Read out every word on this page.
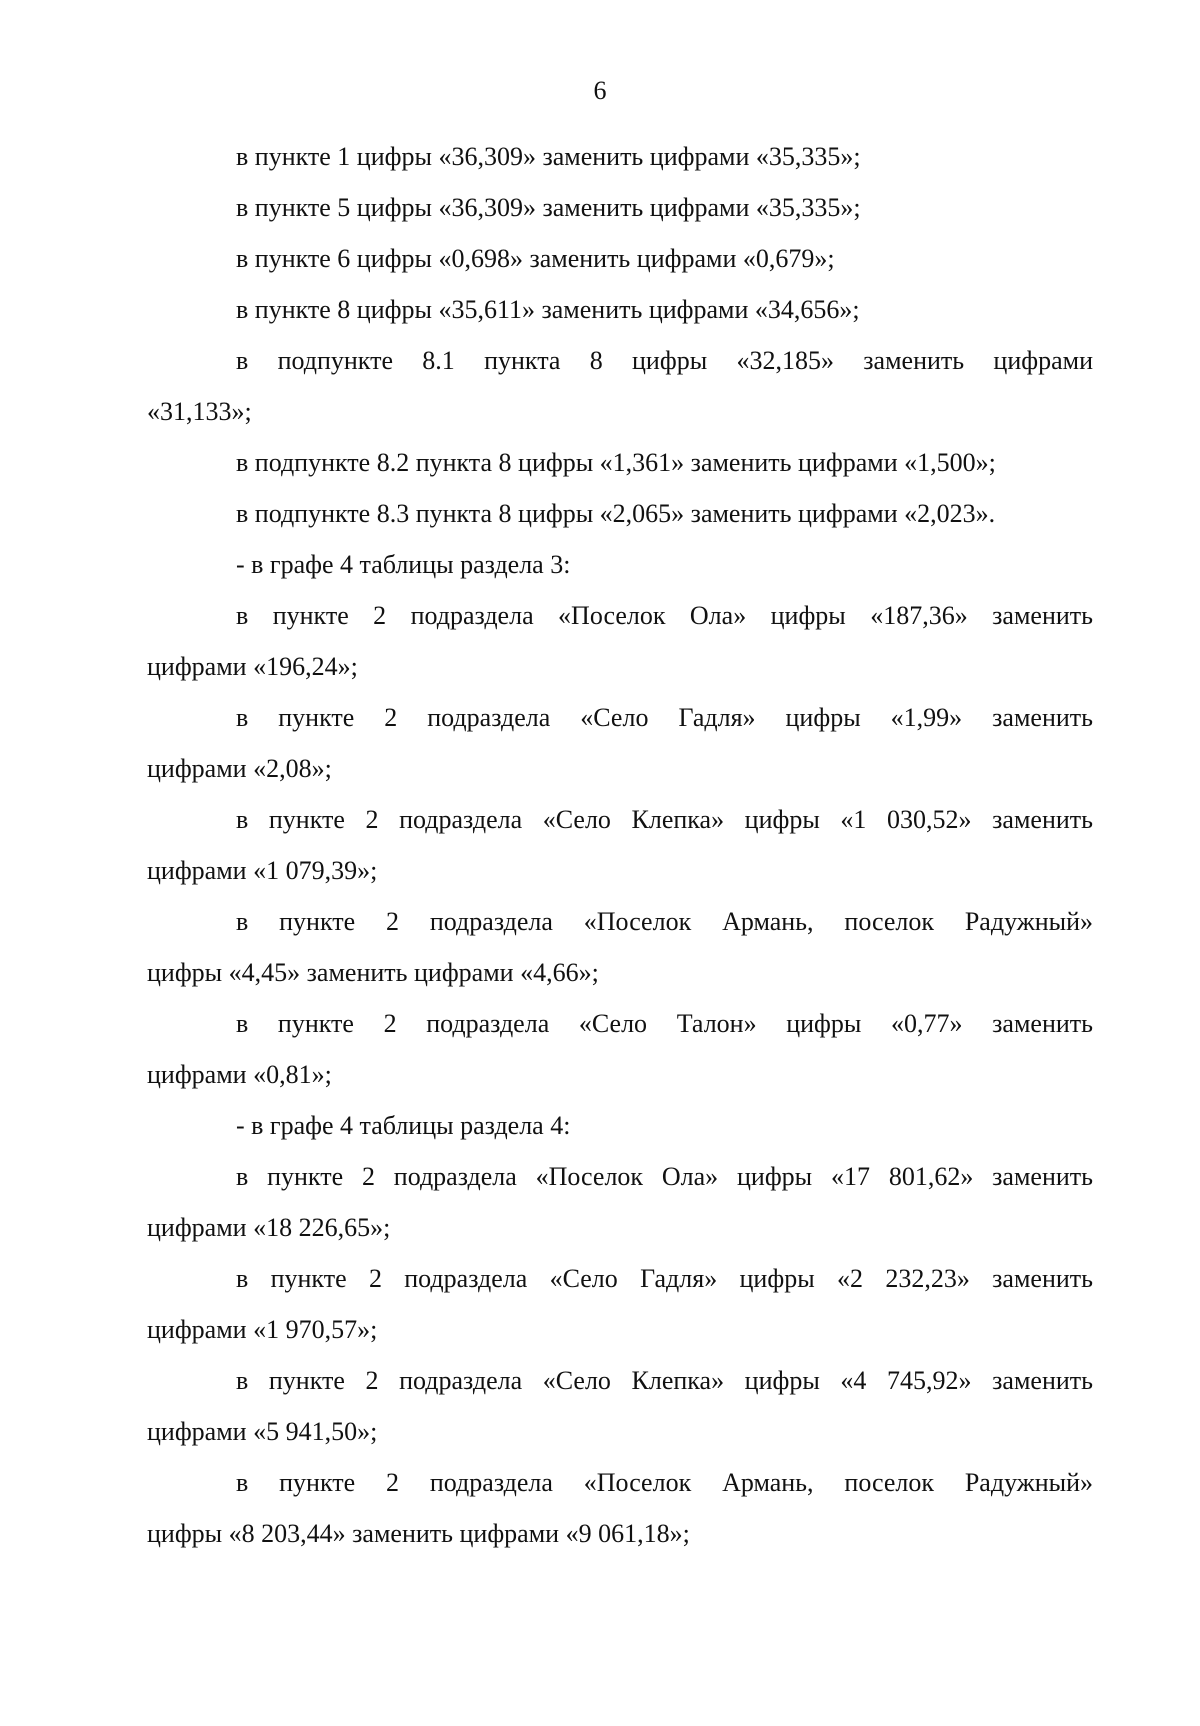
6

в пункте 1 цифры «36,309» заменить цифрами «35,335»;

в пункте 5 цифры «36,309» заменить цифрами «35,335»;

в пункте 6 цифры «0,698» заменить цифрами «0,679»;

в пункте 8 цифры «35,611» заменить цифрами «34,656»;

в подпункте 8.1 пункта 8 цифры «32,185» заменить цифрами
«31,133»;

в подпункте 8.2 пункта 8 цифры «1,361» заменить цифрами «1,500»;

в подпункте 8.3 пункта 8 цифры «2,065» заменить цифрами «2,023».

- в графе 4 таблицы раздела 3:

в пункте 2 подраздела «Поселок Ола» цифры «187,36» заменить
цифрами «196,24»;

в пункте 2 подраздела «Село Гадля» цифры «1,99» заменить
цифрами «2,08»;

в пункте 2 подраздела «Село Клепка» цифры «1 030,52» заменить
цифрами «1 079,39»;

в пункте 2 подраздела «Поселок Армань, поселок Радужный»
цифры «4,45» заменить цифрами «4,66»;

в пункте 2 подраздела «Село Талон» цифры «0,77» заменить
цифрами «0,81»;

- в графе 4 таблицы раздела 4:

в пункте 2 подраздела «Поселок Ола» цифры «17 801,62» заменить
цифрами «18 226,65»;

в пункте 2 подраздела «Село Гадля» цифры «2 232,23» заменить
цифрами «1 970,57»;

в пункте 2 подраздела «Село Клепка» цифры «4 745,92» заменить
цифрами «5 941,50»;

в пункте 2 подраздела «Поселок Армань, поселок Радужный»
цифры «8 203,44» заменить цифрами «9 061,18»;
